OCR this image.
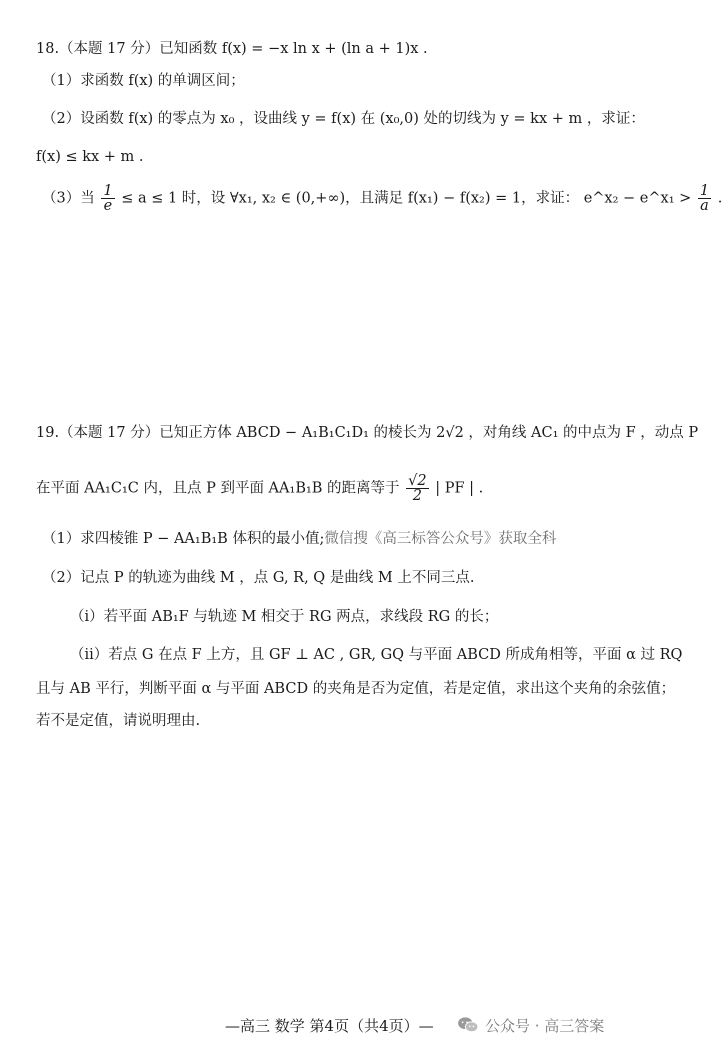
18.（本题 17 分）已知函数 f(x) = −x ln x + (ln a + 1)x .
（1）求函数 f(x) 的单调区间；
（2）设函数 f(x) 的零点为 x₀ ，设曲线 y = f(x) 在 (x₀,0) 处的切线为 y = kx + m ，求证：
f(x) ≤ kx + m .
（3）当 $\frac{1}{e} \le a \le 1$ 时，设 ∀x₁, x₂ ∈ (0,+∞)，且满足 f(x₁) − f(x₂) = 1，求证： e^x₂ − e^x₁ > $\frac{1}{a}$ .
19.（本题 17 分）已知正方体 ABCD − A₁B₁C₁D₁ 的棱长为 2√2 ，对角线 AC₁ 的中点为 F ，动点 P
在平面 AA₁C₁C 内，且点 P 到平面 AA₁B₁B 的距离等于 $\frac{√2}{2}$ | PF | .
（1）求四棱锥 P − AA₁B₁B 体积的最小值;微信搜《高三标答公众号》获取全科
（2）记点 P 的轨迹为曲线 M ，点 G, R, Q 是曲线 M 上不同三点.
（ⅰ）若平面 AB₁F 与轨迹 M 相交于 RG 两点，求线段 RG 的长；
（ⅱ）若点 G 在点 F 上方，且 GF ⊥ AC , GR, GQ 与平面 ABCD 所成角相等，平面 α 过 RQ
且与 AB 平行，判断平面 α 与平面 ABCD 的夹角是否为定值，若是定值，求出这个夹角的余弦值；
若不是定值，请说明理由.
—高三 数学 第4页（共4页）—	公众号 · 高三答案
